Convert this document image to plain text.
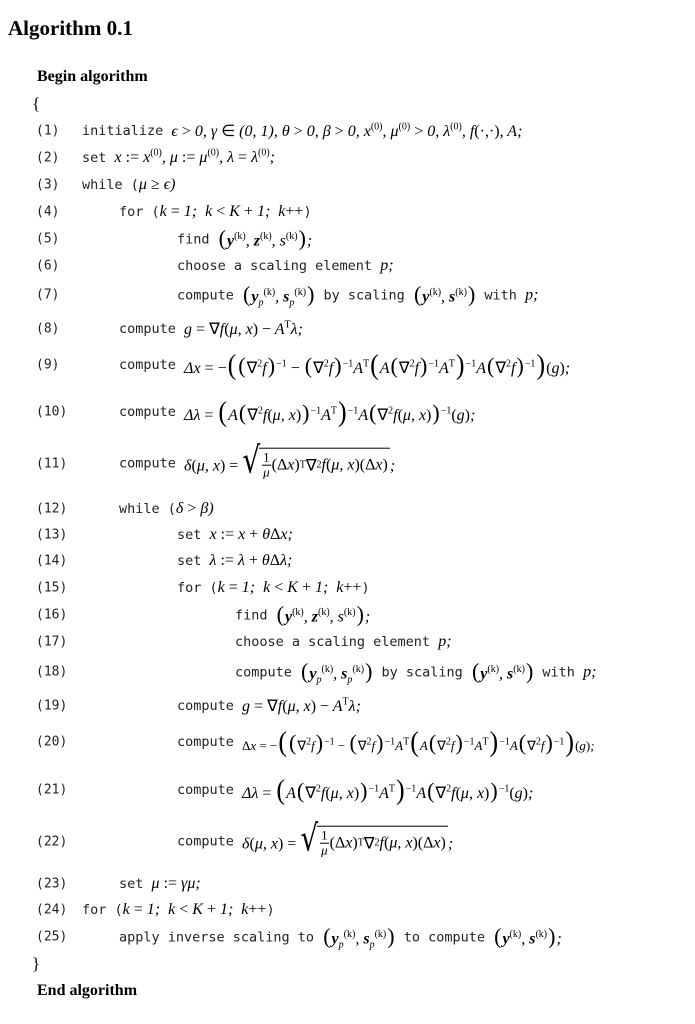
Algorithm 0.1
Begin algorithm
{
(1) initialize
ϵ > 0, γ ∈ (0, 1), θ > 0, β > 0, $x^{(0)}$, $\mu^{(0)} > 0$, $\lambda^{(0)}$, f(·,·), A;
(2) set
x := $x^{(0)}$, μ := $\mu^{(0)}$, $\lambda = \lambda^{(0)}$;
(3) while ( μ ≥ ϵ )
(4)	for ( k = 1;  k < K + 1;  k++ )
(5)	find
($y^{(k)}$, $z^{(k)}$, $s^{(k)}$);
(6)	choose a scaling element
p;
(7)	compute
($y_p^{(k)}$, $s_p^{(k)}$) by scaling ($y^{(k)}$, $s^{(k)}$) with p;
(8)	compute
g = ∇f(μ, $x) - A^T\lambda$;
(9)	compute
$\Delta x = -((\nabla^2f)^{-1} - (\nabla^2f)^{-1}A^T(A(\nabla^2f)^{-1}A^T)^{-1}A(\nabla^2f)^{-1})(g)$;
(10)	compute
Δλ = (A(∇$^2$f(μ, $x))^{-1}A^T)^{-1}A(\nabla^2f(\mu$, x))$^{-1}$(g);
(11)	compute
δ(μ, x) = √ $\frac{1}{\mu} (\Delta$ x ) T ∇ 2 f ( μ, x )(Δ x ) ;
(12)	while ( δ > β )
(13)	set
x := x + θΔx;
(14)	set
λ := λ + θΔλ;
(15)	for ( k = 1;  k < K + 1;  k++ )
(16)	find
($y^{(k)}$, $z^{(k)}$, $s^{(k)}$);
(17)	choose a scaling element
p;
(18)	compute
($y_p^{(k)}$, $s_p^{(k)}$) by scaling ($y^{(k)}$, $s^{(k)}$) with p;
(19)	compute
g = ∇f(μ, $x) - A^T\lambda$;
(20)	compute
$\Delta x = -((\nabla^2f)^{-1} - (\nabla^2f)^{-1}A^T(A(\nabla^2f)^{-1}A^T)^{-1}A(\nabla^2f)^{-1})(g)$;
(21)	compute
Δλ = (A(∇$^2$f(μ, $x))^{-1}A^T)^{-1}A(\nabla^2f(\mu$, x))$^{-1}$(g);
(22)	compute
δ(μ, x) = √ $\frac{1}{\mu} (\Delta$ x ) T ∇ 2 f ( μ, x )(Δ x ) ;
(23)	set
μ := γμ;
(24) for ( k = 1;  k < K + 1;  k++ )
(25)	apply inverse scaling to
($y_p^{(k)}$, $s_p^{(k)}$) to compute ($y^{(k)}$, $s^{(k)}$);
}
End algorithm
